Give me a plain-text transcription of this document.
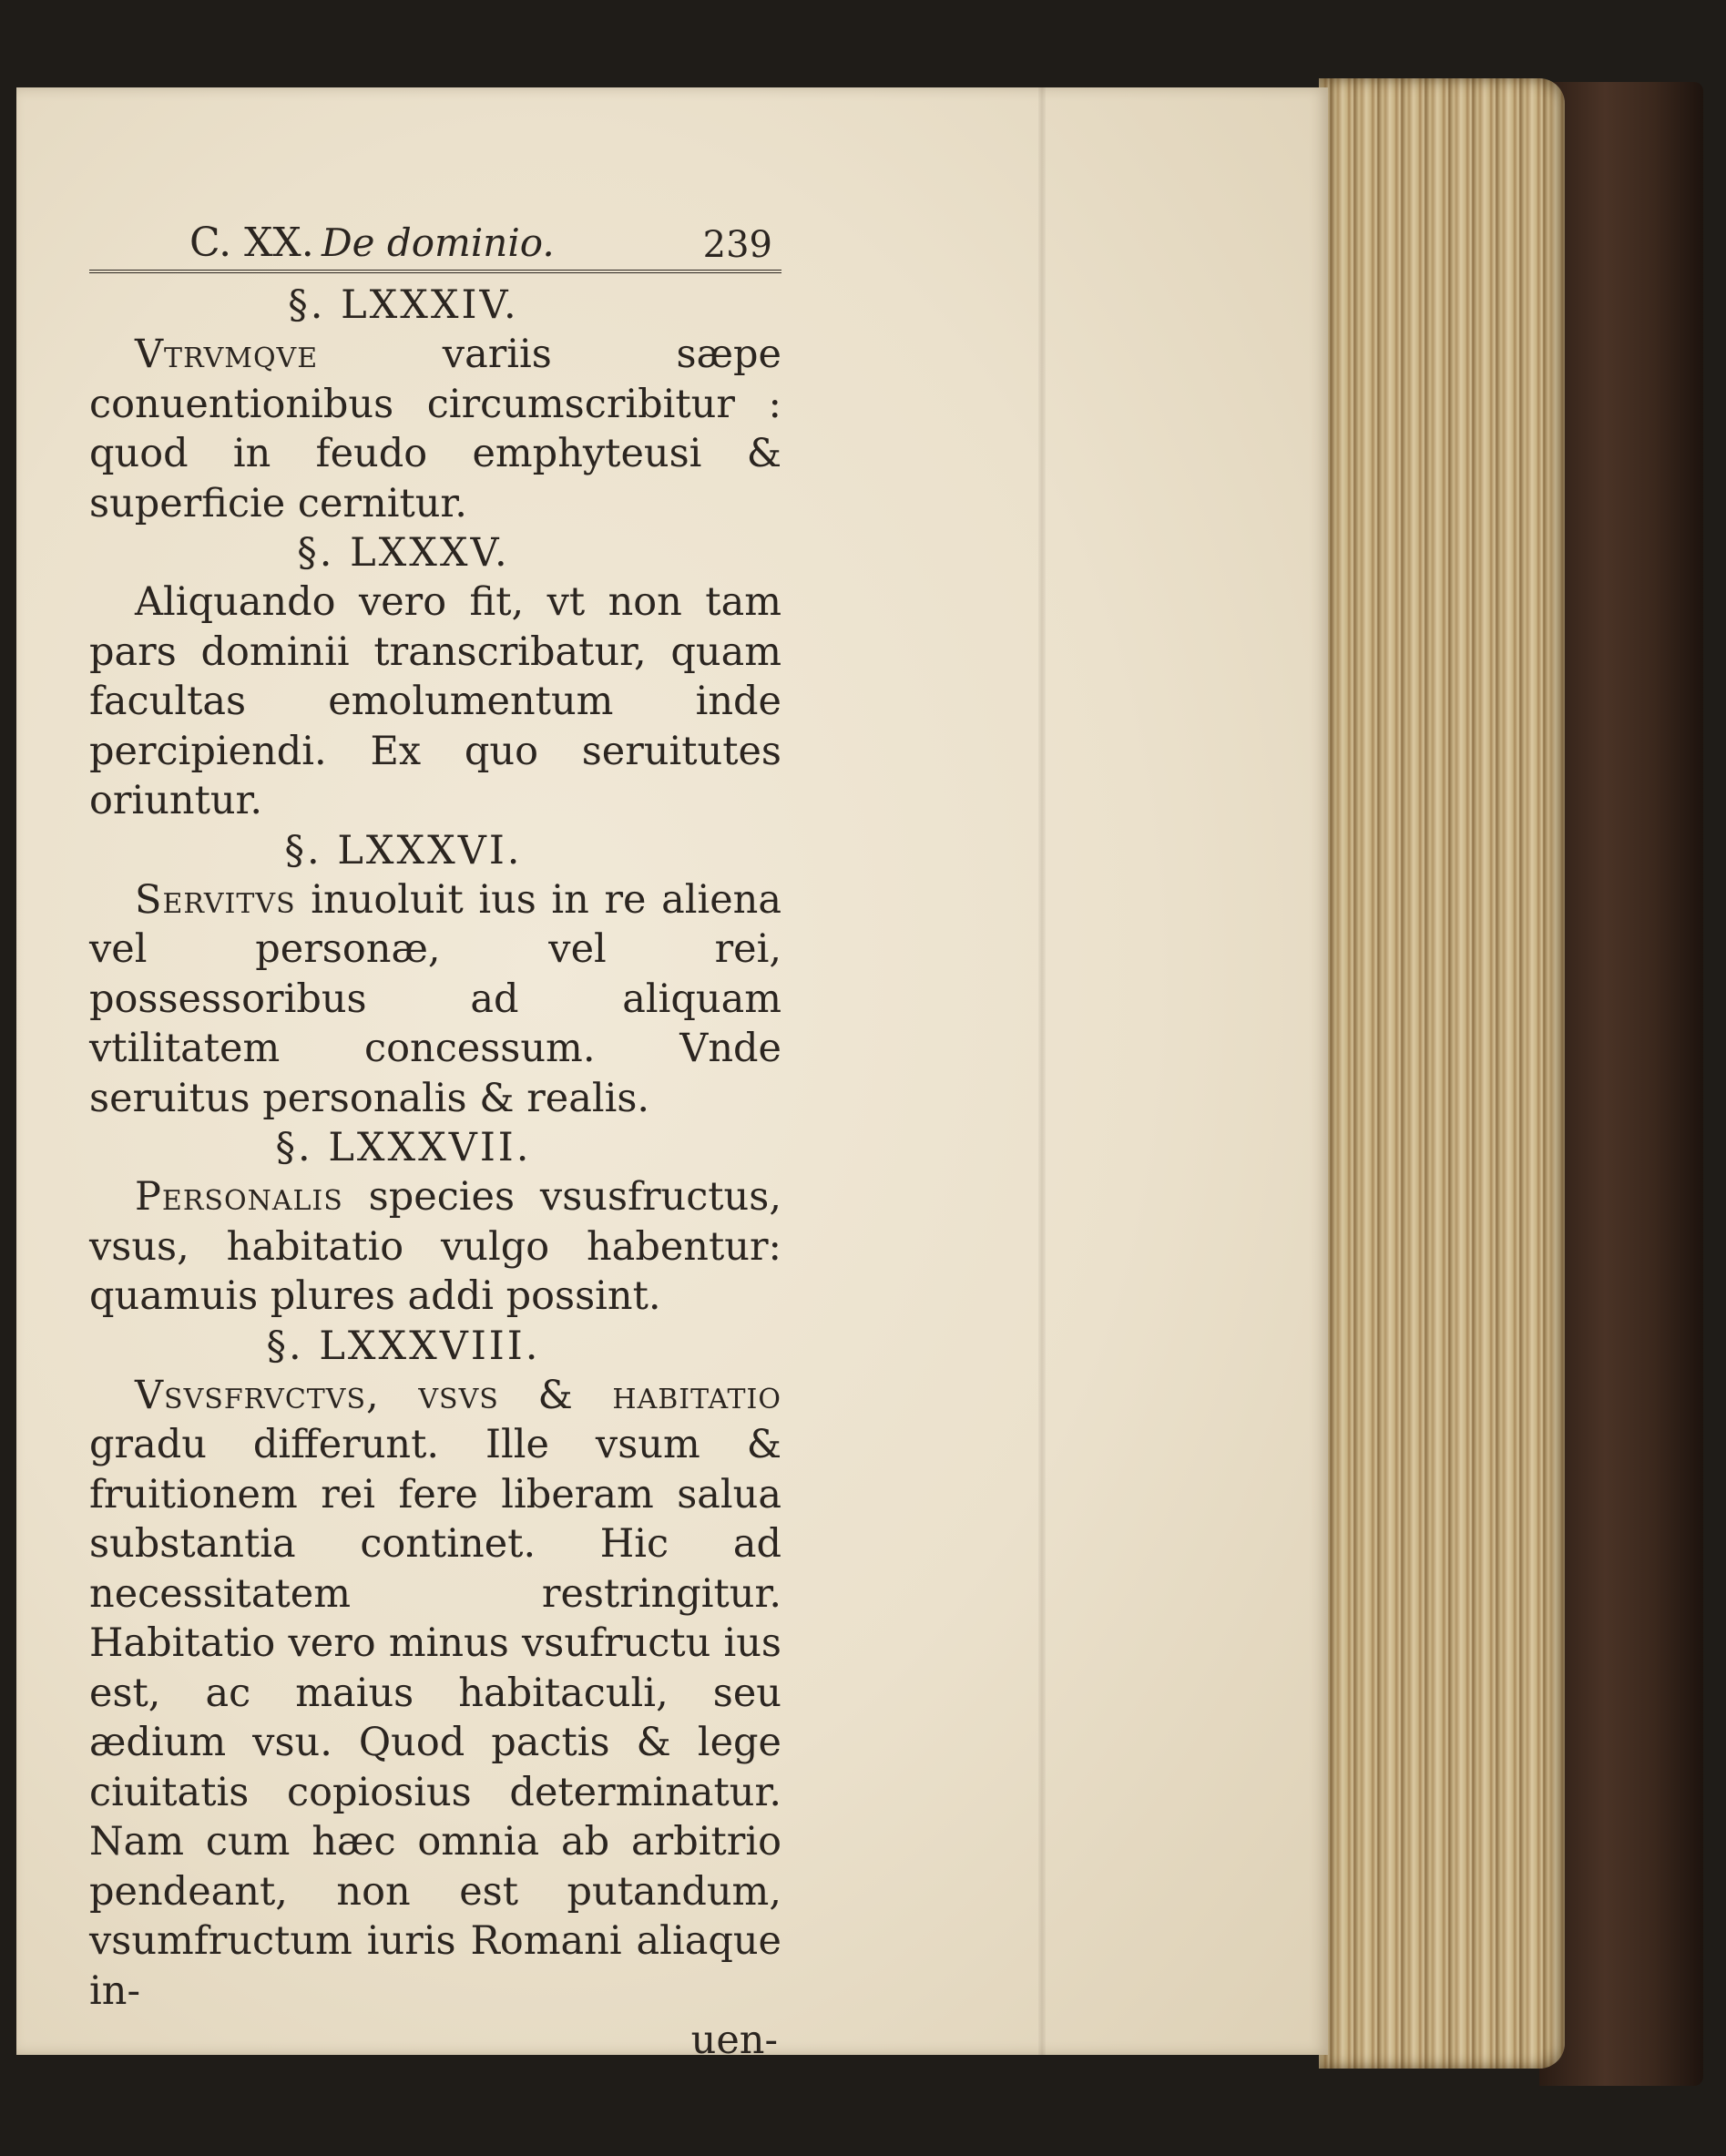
C. XX. De dominio.	239
§. LXXXIV.

Vtrvmqve variis sæpe conuentionibus circumscribitur : quod in feudo emphyteusi & superficie cernitur.

§. LXXXV.

Aliquando vero fit, vt non tam pars dominii transcribatur, quam facultas emolumentum inde percipiendi. Ex quo seruitutes oriuntur.

§. LXXXVI.

Servitvs inuoluit ius in re aliena vel personæ, vel rei, possessoribus ad aliquam vtilitatem concessum. Vnde seruitus personalis & realis.

§. LXXXVII.

Personalis species vsusfructus, vsus, habitatio vulgo habentur: quamuis plures addi possint.

§. LXXXVIII.

Vsvsfrvctvs, vsvs & habitatio gradu differunt. Ille vsum & fruitionem rei fere liberam salua substantia continet. Hic ad necessitatem restringitur. Habitatio vero minus vsufructu ius est, ac maius habitaculi, seu ædium vsu. Quod pactis & lege ciuitatis copiosius determinatur. Nam cum hæc omnia ab arbitrio pendeant, non est putandum, vsumfructum iuris Romani aliaque in-

uen-
